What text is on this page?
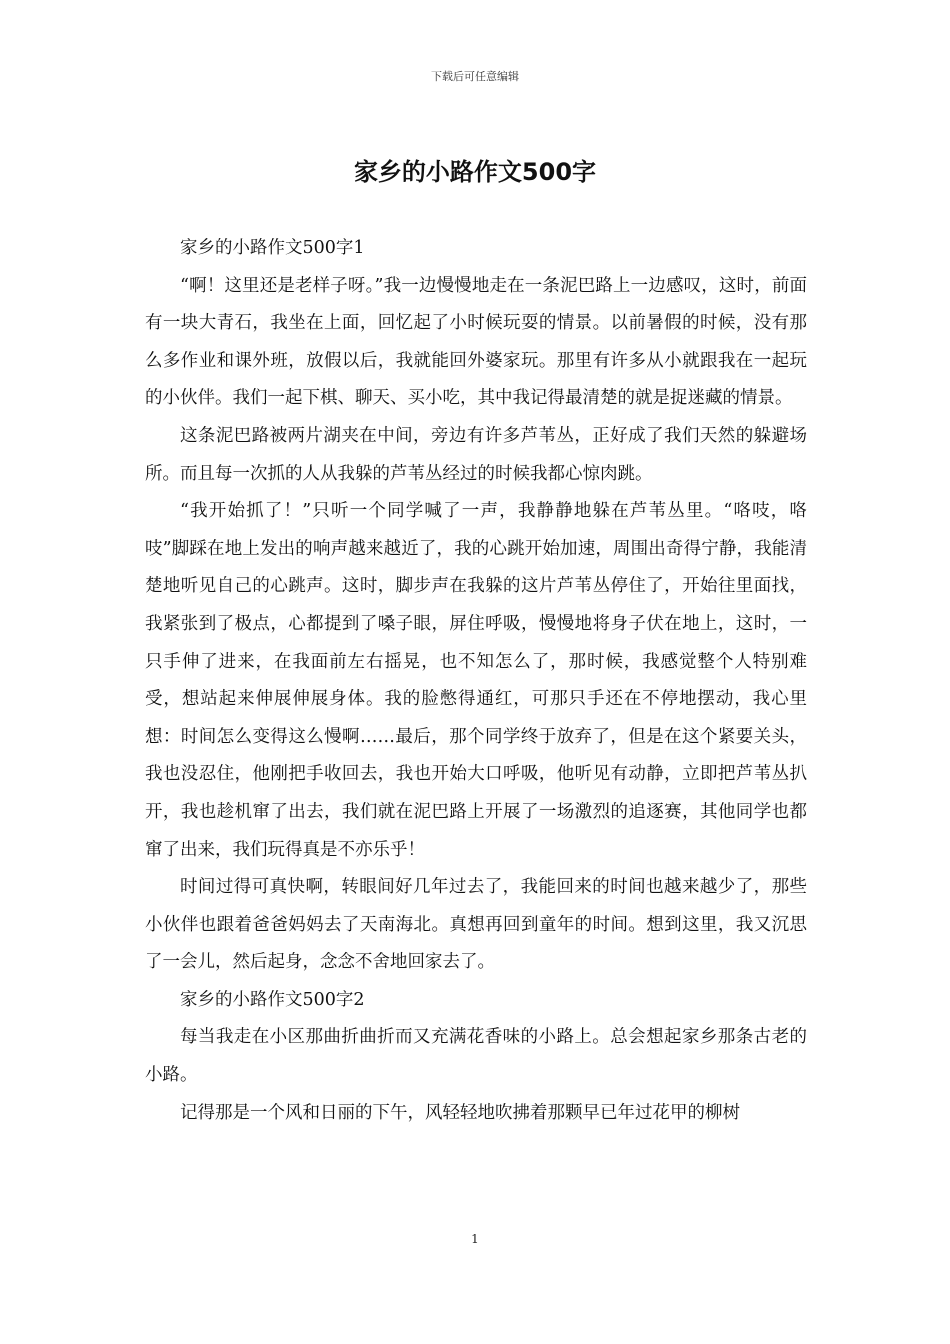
下载后可任意编辑
家乡的小路作文500字

家乡的小路作文500字1

“啊！这里还是老样子呀。”我一边慢慢地走在一条泥巴路上一边感叹，这时，前面有一块大青石，我坐在上面，回忆起了小时候玩耍的情景。以前暑假的时候，没有那么多作业和课外班，放假以后，我就能回外婆家玩。那里有许多从小就跟我在一起玩的小伙伴。我们一起下棋、聊天、买小吃，其中我记得最清楚的就是捉迷藏的情景。

这条泥巴路被两片湖夹在中间，旁边有许多芦苇丛，正好成了我们天然的躲避场所。而且每一次抓的人从我躲的芦苇丛经过的时候我都心惊肉跳。

“我开始抓了！”只听一个同学喊了一声，我静静地躲在芦苇丛里。“咯吱，咯吱”脚踩在地上发出的响声越来越近了，我的心跳开始加速，周围出奇得宁静，我能清楚地听见自己的心跳声。这时，脚步声在我躲的这片芦苇丛停住了，开始往里面找，我紧张到了极点，心都提到了嗓子眼，屏住呼吸，慢慢地将身子伏在地上，这时，一只手伸了进来，在我面前左右摇晃，也不知怎么了，那时候，我感觉整个人特别难受，想站起来伸展伸展身体。我的脸憋得通红，可那只手还在不停地摆动，我心里想：时间怎么变得这么慢啊……最后，那个同学终于放弃了，但是在这个紧要关头，我也没忍住，他刚把手收回去，我也开始大口呼吸，他听见有动静，立即把芦苇丛扒开，我也趁机窜了出去，我们就在泥巴路上开展了一场激烈的追逐赛，其他同学也都窜了出来，我们玩得真是不亦乐乎！

时间过得可真快啊，转眼间好几年过去了，我能回来的时间也越来越少了，那些小伙伴也跟着爸爸妈妈去了天南海北。真想再回到童年的时间。想到这里，我又沉思了一会儿，然后起身，念念不舍地回家去了。

家乡的小路作文500字2

每当我走在小区那曲折曲折而又充满花香味的小路上。总会想起家乡那条古老的小路。

记得那是一个风和日丽的下午，风轻轻地吹拂着那颗早已年过花甲的柳树

1
